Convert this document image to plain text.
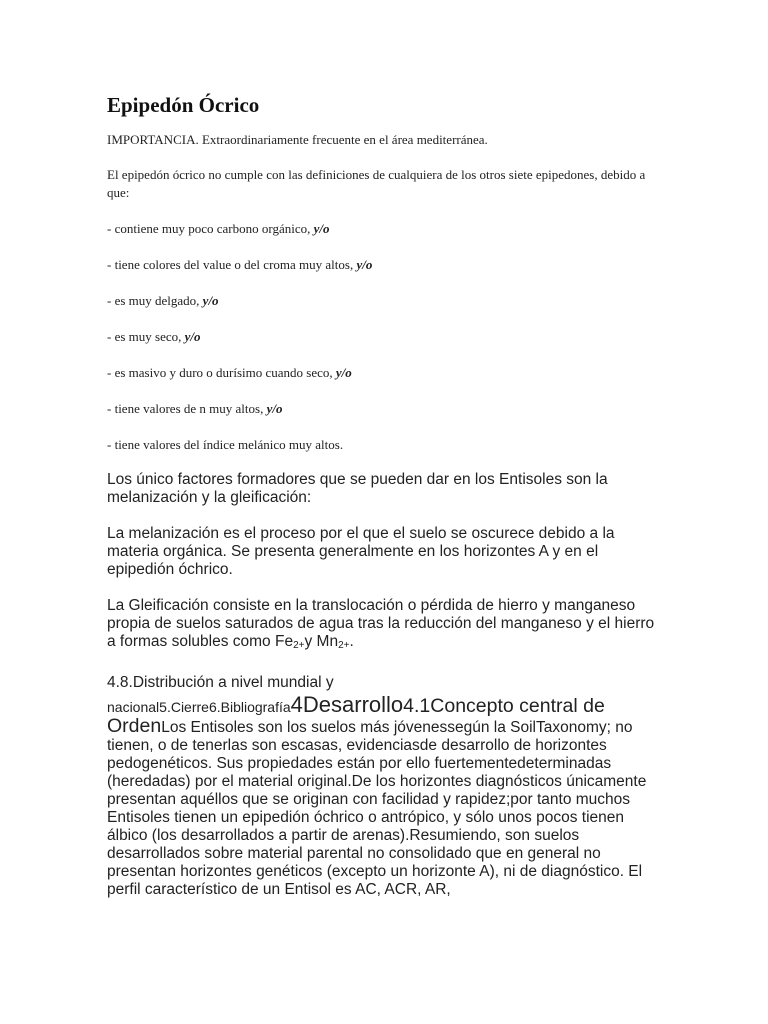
Epipedón Ócrico

IMPORTANCIA. Extraordinariamente frecuente en el área mediterránea.

El epipedón ócrico no cumple con las definiciones de cualquiera de los otros siete epipedones, debido a que:

- contiene muy poco carbono orgánico, y/o

- tiene colores del value o del croma muy altos, y/o

- es muy delgado, y/o

- es muy seco, y/o

- es masivo y duro o durísimo cuando seco, y/o

- tiene valores de n muy altos, y/o

- tiene valores del índice melánico muy altos.

Los único factores formadores que se pueden dar en los Entisoles son la melanización y la gleificación:

La melanización es el proceso por el que el suelo se oscurece debido a la materia orgánica. Se presenta generalmente en los horizontes A y en el epipedión óchrico.

La Gleificación consiste en la translocación o pérdida de hierro y manganeso propia de suelos saturados de agua tras la reducción del manganeso y el hierro a formas solubles como $Fe_{2+}y$ $Mn_{2+}$.

4.8.Distribución a nivel mundial y

nacional5.Cierre6.Bibliografía4Desarrollo4.1Concepto central de OrdenLos Entisoles son los suelos más jóvenessegún la SoilTaxonomy; no tienen, o de tenerlas son escasas, evidenciasde desarrollo de horizontes pedogenéticos. Sus propiedades están por ello fuertementedeterminadas (heredadas) por el material original.De los horizontes diagnósticos únicamente presentan aquéllos que se originan con facilidad y rapidez;por tanto muchos Entisoles tienen un epipedión óchrico o antrópico, y sólo unos pocos tienen álbico (los desarrollados a partir de arenas).Resumiendo, son suelos desarrollados sobre material parental no consolidado que en general no presentan horizontes genéticos (excepto un horizonte A), ni de diagnóstico. El perfil característico de un Entisol es AC, ACR, AR,
